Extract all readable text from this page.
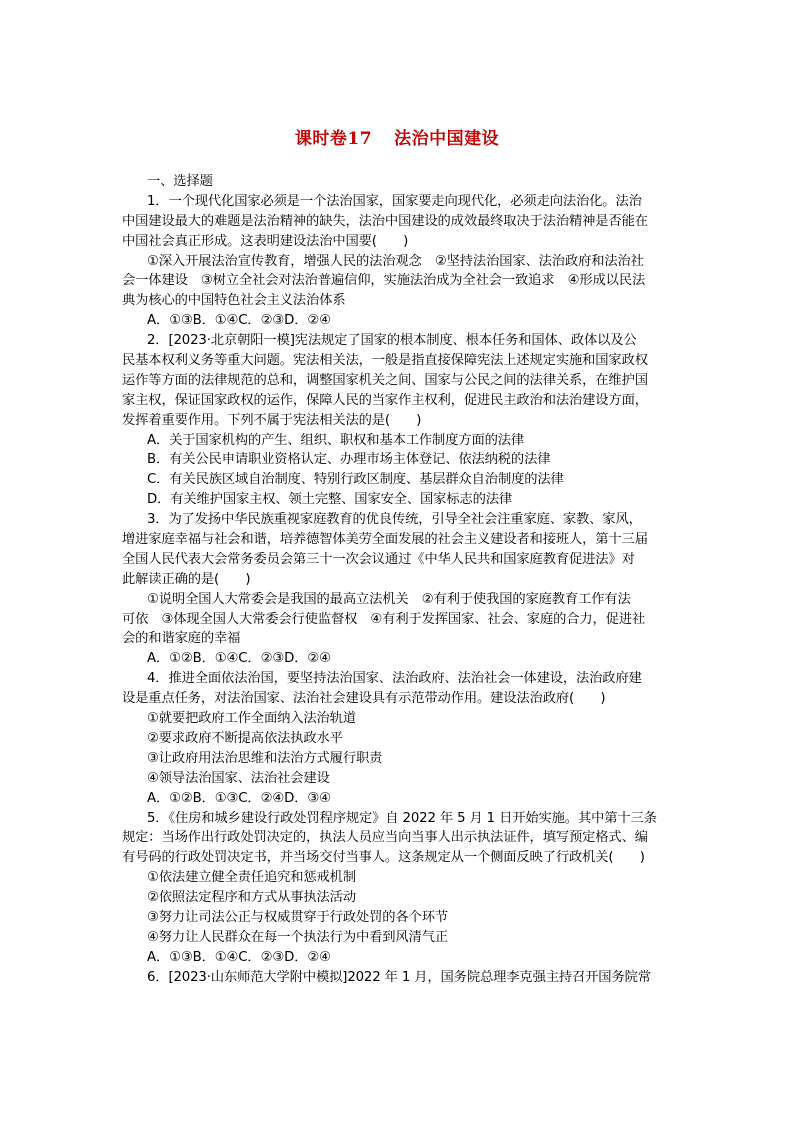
课时卷17 法治中国建设
一、选择题
1．一个现代化国家必须是一个法治国家，国家要走向现代化，必须走向法治化。法治
中国建设最大的难题是法治精神的缺失，法治中国建设的成效最终取决于法治精神是否能在
中国社会真正形成。这表明建设法治中国要(　　)
①深入开展法治宣传教育，增强人民的法治观念　②坚持法治国家、法治政府和法治社
会一体建设　③树立全社会对法治普遍信仰，实施法治成为全社会一致追求　④形成以民法
典为核心的中国特色社会主义法治体系
A．①③B．①④C．②③D．②④
2．[2023·北京朝阳一模]宪法规定了国家的根本制度、根本任务和国体、政体以及公
民基本权利义务等重大问题。宪法相关法，一般是指直接保障宪法上述规定实施和国家政权
运作等方面的法律规范的总和，调整国家机关之间、国家与公民之间的法律关系，在维护国
家主权，保证国家政权的运作，保障人民的当家作主权利，促进民主政治和法治建设方面，
发挥着重要作用。下列不属于宪法相关法的是(　　)
A．关于国家机构的产生、组织、职权和基本工作制度方面的法律
B．有关公民申请职业资格认定、办理市场主体登记、依法纳税的法律
C．有关民族区域自治制度、特别行政区制度、基层群众自治制度的法律
D．有关维护国家主权、领土完整、国家安全、国家标志的法律
3．为了发扬中华民族重视家庭教育的优良传统，引导全社会注重家庭、家教、家风，
增进家庭幸福与社会和谐，培养德智体美劳全面发展的社会主义建设者和接班人，第十三届
全国人民代表大会常务委员会第三十一次会议通过《中华人民共和国家庭教育促进法》对
此解读正确的是(　　)
①说明全国人大常委会是我国的最高立法机关　②有利于使我国的家庭教育工作有法
可依　③体现全国人大常委会行使监督权　④有利于发挥国家、社会、家庭的合力，促进社
会的和谐家庭的幸福
A．①②B．①④C．②③D．②④
4．推进全面依法治国，要坚持法治国家、法治政府、法治社会一体建设，法治政府建
设是重点任务，对法治国家、法治社会建设具有示范带动作用。建设法治政府(　　)
①就要把政府工作全面纳入法治轨道
②要求政府不断提高依法执政水平
③让政府用法治思维和法治方式履行职责
④领导法治国家、法治社会建设
A．①②B．①③C．②④D．③④
5．《住房和城乡建设行政处罚程序规定》自 2022 年 5 月 1 日开始实施。其中第十三条
规定：当场作出行政处罚决定的，执法人员应当向当事人出示执法证件，填写预定格式、编
有号码的行政处罚决定书，并当场交付当事人。这条规定从一个侧面反映了行政机关(　　)
①依法建立健全责任追究和惩戒机制
②依照法定程序和方式从事执法活动
③努力让司法公正与权威贯穿于行政处罚的各个环节
④努力让人民群众在每一个执法行为中看到风清气正
A．①③B．①④C．②③D．②④
6．[2023·山东师范大学附中模拟]2022 年 1 月，国务院总理李克强主持召开国务院常
